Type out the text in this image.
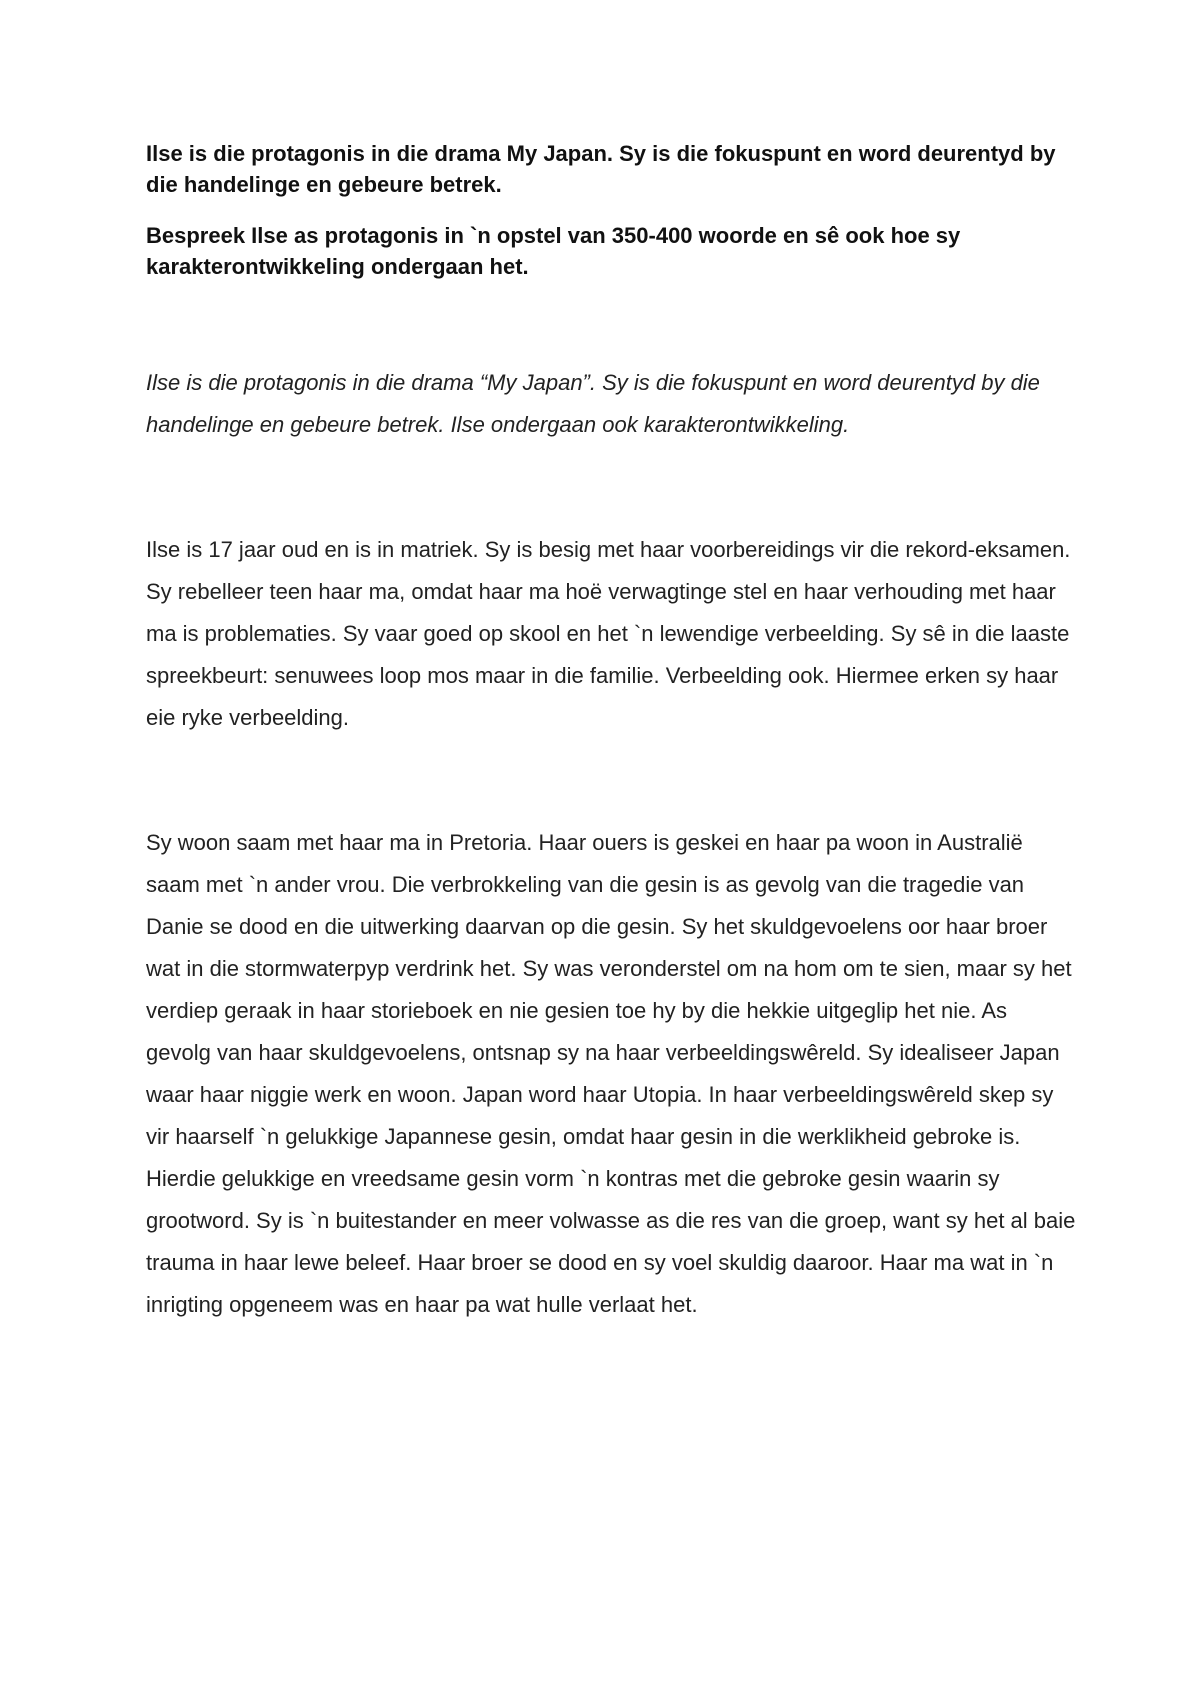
Ilse is die protagonis in die drama My Japan. Sy is die fokuspunt en word deurentyd by die handelinge en gebeure betrek.

Bespreek Ilse as protagonis in `n opstel van 350-400 woorde en sê ook hoe sy karakterontwikkeling ondergaan het.

Ilse is die protagonis in die drama “My Japan”. Sy is die fokuspunt en word deurentyd by die handelinge en gebeure betrek. Ilse ondergaan ook karakterontwikkeling.

Ilse is 17 jaar oud en is in matriek. Sy is besig met haar voorbereidings vir die rekord-eksamen. Sy rebelleer teen haar ma, omdat haar ma hoë verwagtinge stel en haar verhouding met haar ma is problematies. Sy vaar goed op skool en het `n lewendige verbeelding. Sy sê in die laaste spreekbeurt: senuwees loop mos maar in die familie. Verbeelding ook. Hiermee erken sy haar eie ryke verbeelding.

Sy woon saam met haar ma in Pretoria. Haar ouers is geskei en haar pa woon in Australië saam met `n ander vrou. Die verbrokkeling van die gesin is as gevolg van die tragedie van Danie se dood en die uitwerking daarvan op die gesin. Sy het skuldgevoelens oor haar broer wat in die stormwaterpyp verdrink het. Sy was veronderstel om na hom om te sien, maar sy het verdiep geraak in haar storieboek en nie gesien toe hy by die hekkie uitgeglip het nie. As gevolg van haar skuldgevoelens, ontsnap sy na haar verbeeldingswêreld. Sy idealiseer Japan waar haar niggie werk en woon. Japan word haar Utopia. In haar verbeeldingswêreld skep sy vir haarself `n gelukkige Japannese gesin, omdat haar gesin in die werklikheid gebroke is. Hierdie gelukkige en vreedsame gesin vorm `n kontras met die gebroke gesin waarin sy grootword. Sy is `n buitestander en meer volwasse as die res van die groep, want sy het al baie trauma in haar lewe beleef. Haar broer se dood en sy voel skuldig daaroor. Haar ma wat in `n inrigting opgeneem was en haar pa wat hulle verlaat het.
